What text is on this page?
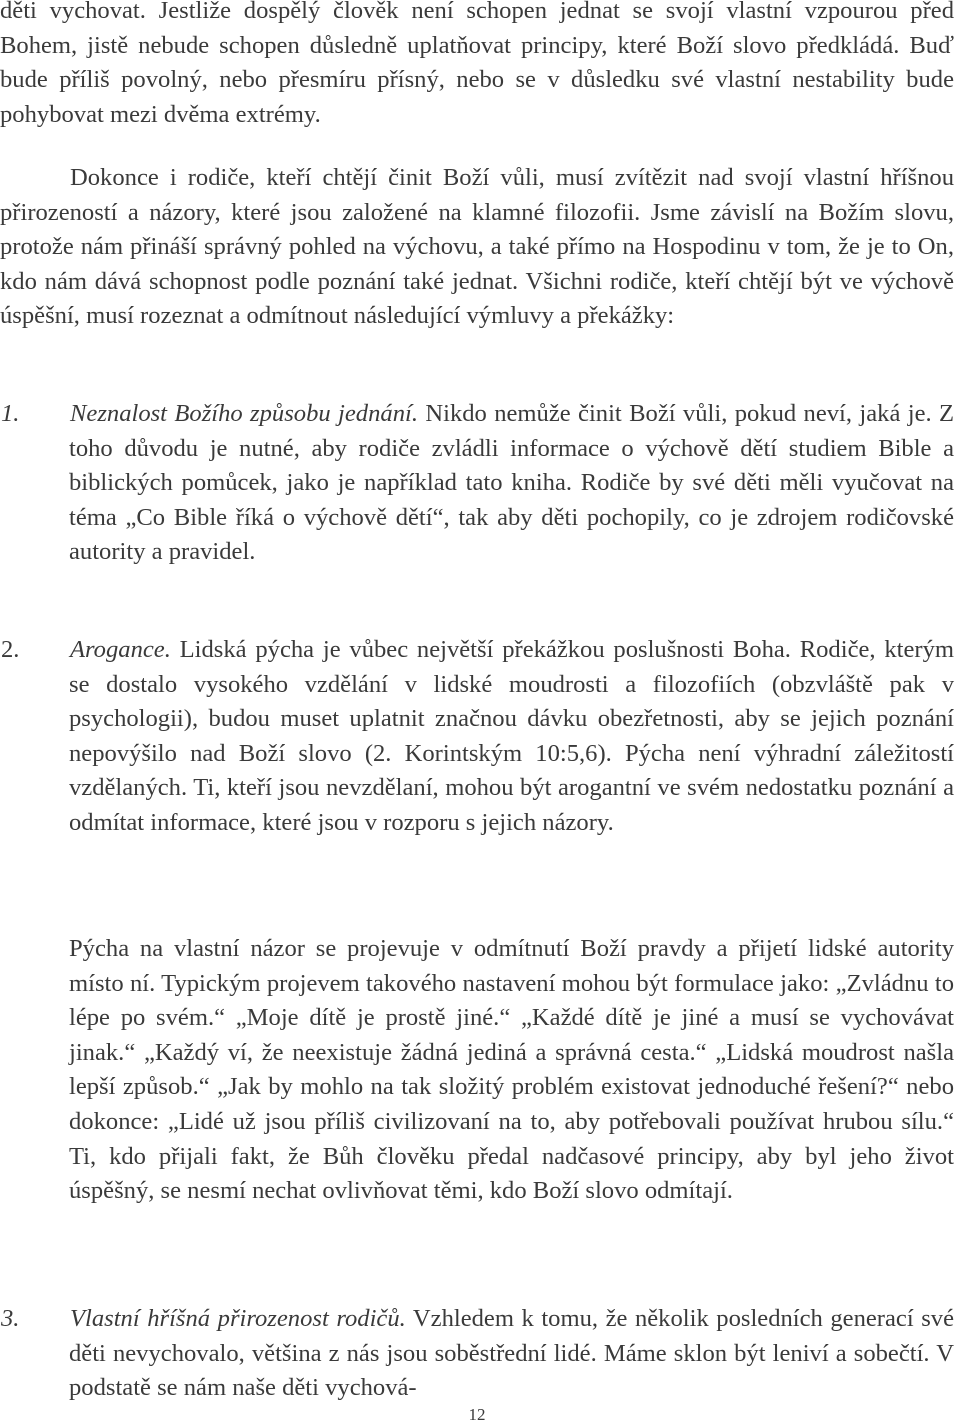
děti vychovat. Jestliže dospělý člověk není schopen jednat se svojí vlastní vzpourou před Bohem, jistě nebude schopen důsledně uplatňovat principy, které Boží slovo předkládá. Buď bude příliš povolný, nebo přesmíru přísný, nebo se v důsledku své vlastní nestability bude pohybovat mezi dvěma extrémy.

Dokonce i rodiče, kteří chtějí činit Boží vůli, musí zvítězit nad svojí vlastní hříšnou přirozeností a názory, které jsou založené na klamné filozofii. Jsme závislí na Božím slovu, protože nám přináší správný pohled na výchovu, a také přímo na Hospodinu v tom, že je to On, kdo nám dává schopnost podle poznání také jednat. Všichni rodiče, kteří chtějí být ve výchově úspěšní, musí rozeznat a odmítnout následující výmluvy a překážky:

1. Neznalost Božího způsobu jednání. Nikdo nemůže činit Boží vůli, pokud neví, jaká je. Z toho důvodu je nutné, aby rodiče zvládli informace o výchově dětí studiem Bible a biblických pomůcek, jako je například tato kniha. Rodiče by své děti měli vyučovat na téma „Co Bible říká o výchově dětí“, tak aby děti pochopily, co je zdrojem rodičovské autority a pravidel.
2. Arogance. Lidská pýcha je vůbec největší překážkou poslušnosti Boha. Rodiče, kterým se dostalo vysokého vzdělání v lidské moudrosti a filozofiích (obzvláště pak v psychologii), budou muset uplatnit značnou dávku obezřetnosti, aby se jejich poznání nepovýšilo nad Boží slovo (2. Korintským 10:5,6). Pýcha není výhradní záležitostí vzdělaných. Ti, kteří jsou nevzdělaní, mohou být arogantní ve svém nedostatku poznání a odmítat informace, které jsou v rozporu s jejich názory.

Pýcha na vlastní názor se projevuje v odmítnutí Boží pravdy a přijetí lidské autority místo ní. Typickým projevem takového nastavení mohou být formulace jako: „Zvládnu to lépe po svém.“ „Moje dítě je prostě jiné.“ „Každé dítě je jiné a musí se vychovávat jinak.“ „Každý ví, že neexistuje žádná jediná a správná cesta.“ „Lidská moudrost našla lepší způsob.“ „Jak by mohlo na tak složitý problém existovat jednoduché řešení?“ nebo dokonce: „Lidé už jsou příliš civilizovaní na to, aby potřebovali používat hrubou sílu.“ Ti, kdo přijali fakt, že Bůh člověku předal nadčasové principy, aby byl jeho život úspěšný, se nesmí nechat ovlivňovat těmi, kdo Boží slovo odmítají.

3. Vlastní hříšná přirozenost rodičů. Vzhledem k tomu, že několik posledních generací své děti nevychovalo, většina z nás jsou soběstřední lidé. Máme sklon být leniví a sobečtí. V podstatě se nám naše děti vychová-
12
